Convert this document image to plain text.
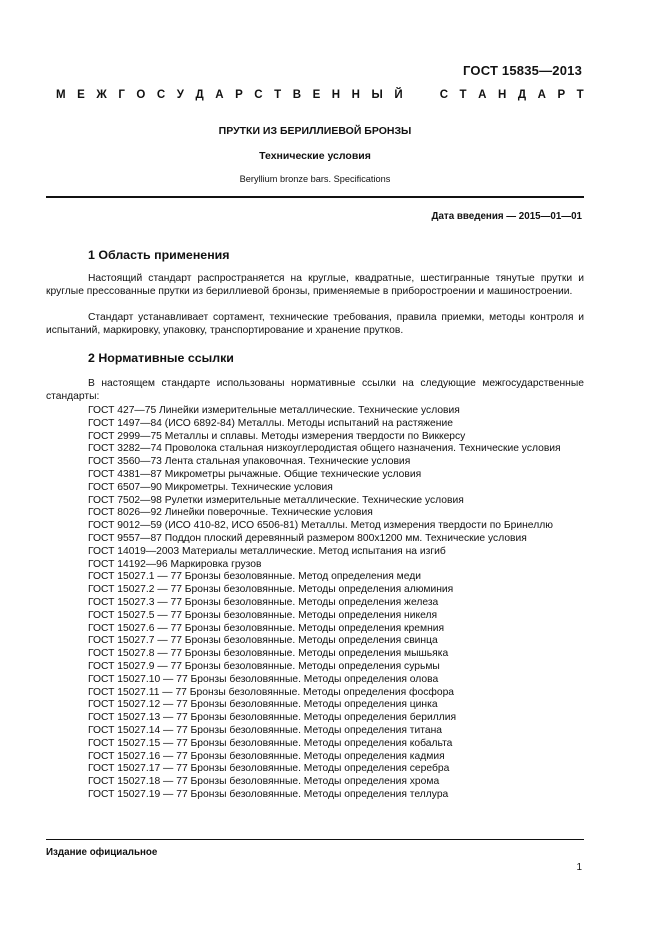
ГОСТ 15835—2013
М Е Ж Г О С У Д А Р С Т В Е Н Н Ы Й	С Т А Н Д А Р Т
ПРУТКИ ИЗ БЕРИЛЛИЕВОЙ БРОНЗЫ
Технические условия
Beryllium bronze bars. Specifications
Дата введения — 2015—01—01
1 Область применения

Настоящий стандарт распространяется на круглые, квадратные, шестигранные тянутые прутки и круглые прессованные прутки из бериллиевой бронзы, применяемые в приборостроении и машиностроении.

Стандарт устанавливает сортамент, технические требования, правила приемки, методы контроля и испытаний, маркировку, упаковку, транспортирование и хранение прутков.

2 Нормативные ссылки

В настоящем стандарте использованы нормативные ссылки на следующие межгосударственные стандарты:

ГОСТ 427—75 Линейки измерительные металлические. Технические условия
ГОСТ 1497—84 (ИСО 6892-84) Металлы. Методы испытаний на растяжение
ГОСТ 2999—75 Металлы и сплавы. Методы измерения твердости по Виккерсу
ГОСТ 3282—74 Проволока стальная низкоуглеродистая общего назначения. Технические условия
ГОСТ 3560—73 Лента стальная упаковочная. Технические условия
ГОСТ 4381—87 Микрометры рычажные. Общие технические условия
ГОСТ 6507—90 Микрометры. Технические условия
ГОСТ 7502—98 Рулетки измерительные металлические. Технические условия
ГОСТ 8026—92 Линейки поверочные. Технические условия
ГОСТ 9012—59 (ИСО 410-82, ИСО 6506-81) Металлы. Метод измерения твердости по Бринеллю
ГОСТ 9557—87 Поддон плоский деревянный размером 800х1200 мм. Технические условия
ГОСТ 14019—2003 Материалы металлические. Метод испытания на изгиб
ГОСТ 14192—96 Маркировка грузов
ГОСТ 15027.1 — 77 Бронзы безоловянные. Метод определения меди
ГОСТ 15027.2 — 77 Бронзы безоловянные. Методы определения алюминия
ГОСТ 15027.3 — 77 Бронзы безоловянные. Методы определения железа
ГОСТ 15027.5 — 77 Бронзы безоловянные. Методы определения никеля
ГОСТ 15027.6 — 77 Бронзы безоловянные. Методы определения кремния
ГОСТ 15027.7 — 77 Бронзы безоловянные. Методы определения свинца
ГОСТ 15027.8 — 77 Бронзы безоловянные. Методы определения мышьяка
ГОСТ 15027.9 — 77 Бронзы безоловянные. Методы определения сурьмы
ГОСТ 15027.10 — 77 Бронзы безоловянные. Методы определения олова
ГОСТ 15027.11 — 77 Бронзы безоловянные. Методы определения фосфора
ГОСТ 15027.12 — 77 Бронзы безоловянные. Методы определения цинка
ГОСТ 15027.13 — 77 Бронзы безоловянные. Методы определения бериллия
ГОСТ 15027.14 — 77 Бронзы безоловянные. Методы определения титана
ГОСТ 15027.15 — 77 Бронзы безоловянные. Методы определения кобальта
ГОСТ 15027.16 — 77 Бронзы безоловянные. Методы определения кадмия
ГОСТ 15027.17 — 77 Бронзы безоловянные. Методы определения серебра
ГОСТ 15027.18 — 77 Бронзы безоловянные. Методы определения хрома
ГОСТ 15027.19 — 77 Бронзы безоловянные. Методы определения теллура
Издание официальное
1
